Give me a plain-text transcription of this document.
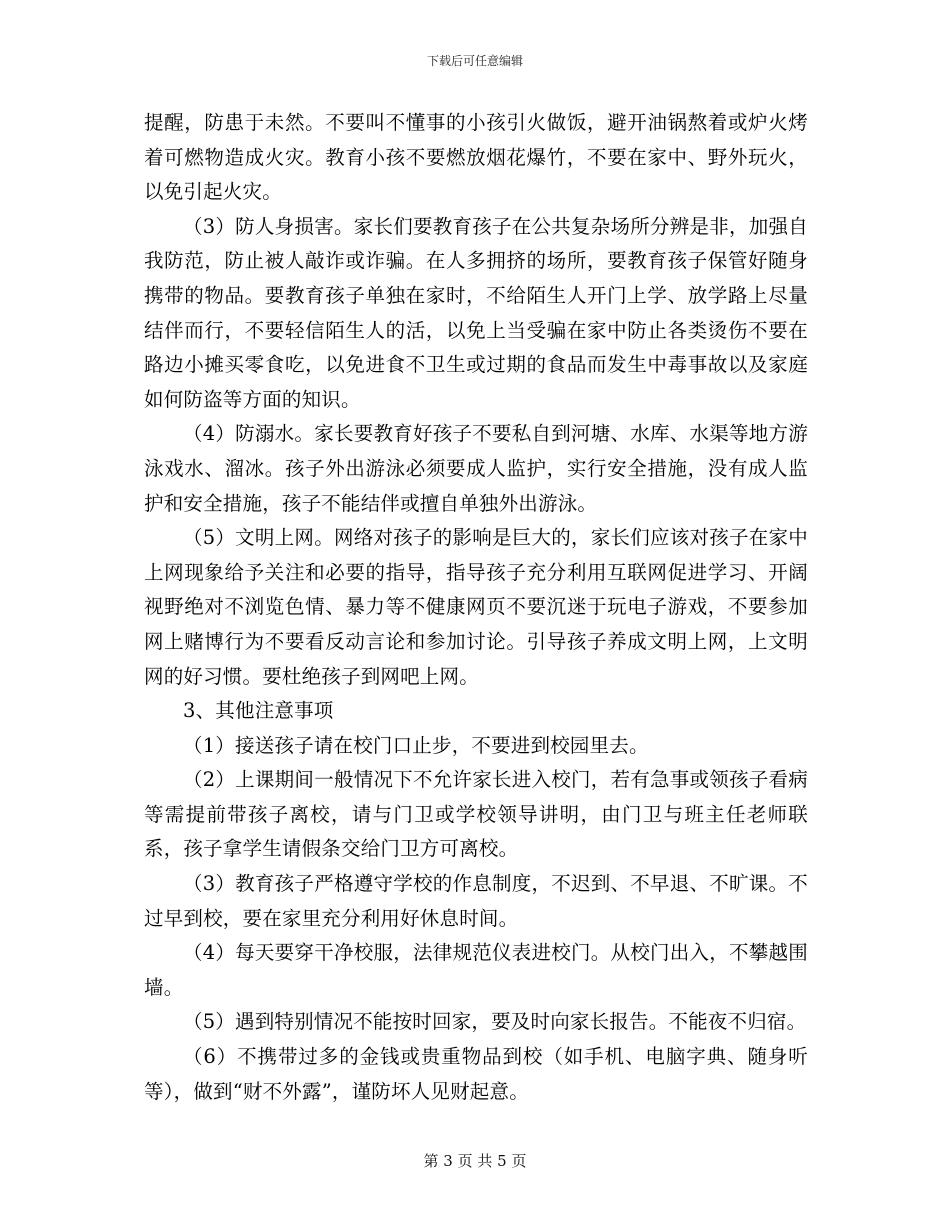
下载后可任意编辑

提醒，防患于未然。不要叫不懂事的小孩引火做饭，避开油锅熬着或炉火烤着可燃物造成火灾。教育小孩不要燃放烟花爆竹，不要在家中、野外玩火，以免引起火灾。

（3）防人身损害。家长们要教育孩子在公共复杂场所分辨是非，加强自我防范，防止被人敲诈或诈骗。在人多拥挤的场所，要教育孩子保管好随身携带的物品。要教育孩子单独在家时，不给陌生人开门上学、放学路上尽量结伴而行，不要轻信陌生人的活，以免上当受骗在家中防止各类烫伤不要在路边小摊买零食吃，以免进食不卫生或过期的食品而发生中毒事故以及家庭如何防盗等方面的知识。

（4）防溺水。家长要教育好孩子不要私自到河塘、水库、水渠等地方游泳戏水、溜冰。孩子外出游泳必须要成人监护，实行安全措施，没有成人监护和安全措施，孩子不能结伴或擅自单独外出游泳。

（5）文明上网。网络对孩子的影响是巨大的，家长们应该对孩子在家中上网现象给予关注和必要的指导，指导孩子充分利用互联网促进学习、开阔视野绝对不浏览色情、暴力等不健康网页不要沉迷于玩电子游戏，不要参加网上赌博行为不要看反动言论和参加讨论。引导孩子养成文明上网，上文明网的好习惯。要杜绝孩子到网吧上网。

3、其他注意事项

（1）接送孩子请在校门口止步，不要进到校园里去。

（2）上课期间一般情况下不允许家长进入校门，若有急事或领孩子看病等需提前带孩子离校，请与门卫或学校领导讲明，由门卫与班主任老师联系，孩子拿学生请假条交给门卫方可离校。

（3）教育孩子严格遵守学校的作息制度，不迟到、不早退、不旷课。不过早到校，要在家里充分利用好休息时间。

（4）每天要穿干净校服，法律规范仪表进校门。从校门出入，不攀越围墙。

（5）遇到特别情况不能按时回家，要及时向家长报告。不能夜不归宿。

（6）不携带过多的金钱或贵重物品到校（如手机、电脑字典、随身听等），做到“财不外露”，谨防坏人见财起意。

第 3 页 共 5 页
